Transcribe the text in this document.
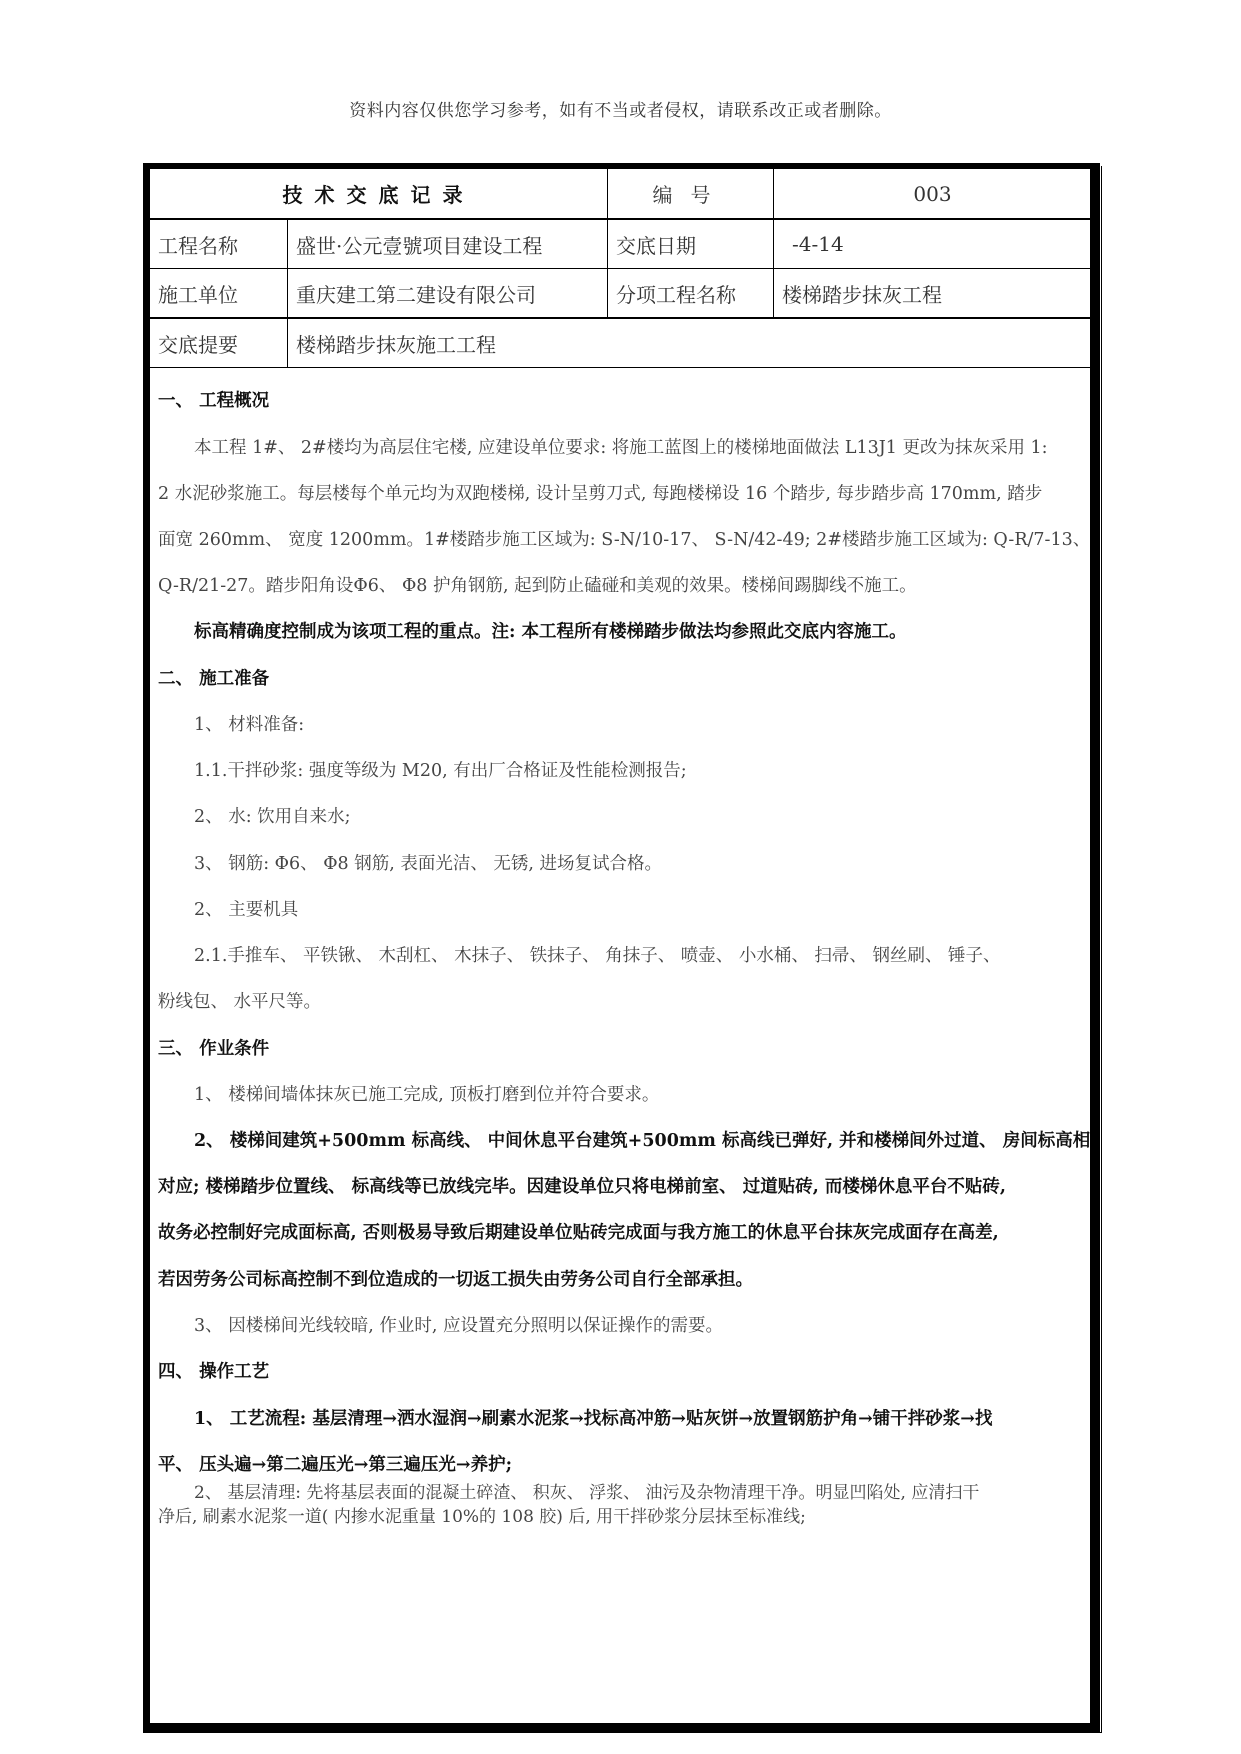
资料内容仅供您学习参考，如有不当或者侵权，请联系改正或者删除。
技术交底记录		编号	003
工程名称	盛世·公元壹號项目建设工程	交底日期	-4-14
施工单位	重庆建工第二建设有限公司	分项工程名称	楼梯踏步抹灰工程
交底提要	楼梯踏步抹灰施工工程		
一、 工程概况
本工程 1#、 2#楼均为高层住宅楼, 应建设单位要求: 将施工蓝图上的楼梯地面做法 L13J1 更改为抹灰采用 1:
2 水泥砂浆施工。每层楼每个单元均为双跑楼梯, 设计呈剪刀式, 每跑楼梯设 16 个踏步, 每步踏步高 170mm, 踏步
面宽 260mm、 宽度 1200mm。1#楼踏步施工区域为: S-N/10-17、 S-N/42-49; 2#楼踏步施工区域为: Q-R/7-13、
Q-R/21-27。踏步阳角设Φ6、 Φ8 护角钢筋, 起到防止磕碰和美观的效果。楼梯间踢脚线不施工。
标高精确度控制成为该项工程的重点。注: 本工程所有楼梯踏步做法均参照此交底内容施工。
二、 施工准备
1、 材料准备:
1.1.干拌砂浆: 强度等级为 M20, 有出厂合格证及性能检测报告;
2、 水: 饮用自来水;
3、 钢筋: Φ6、 Φ8 钢筋, 表面光洁、 无锈, 进场复试合格。
2、 主要机具
2.1.手推车、 平铁锹、 木刮杠、 木抹子、 铁抹子、 角抹子、 喷壶、 小水桶、 扫帚、 钢丝刷、 锤子、
粉线包、 水平尺等。
三、 作业条件
1、 楼梯间墙体抹灰已施工完成, 顶板打磨到位并符合要求。
2、 楼梯间建筑+500mm 标高线、 中间休息平台建筑+500mm 标高线已弹好, 并和楼梯间外过道、 房间标高相
对应; 楼梯踏步位置线、 标高线等已放线完毕。因建设单位只将电梯前室、 过道贴砖, 而楼梯休息平台不贴砖,
故务必控制好完成面标高, 否则极易导致后期建设单位贴砖完成面与我方施工的休息平台抹灰完成面存在高差,
若因劳务公司标高控制不到位造成的一切返工损失由劳务公司自行全部承担。
3、 因楼梯间光线较暗, 作业时, 应设置充分照明以保证操作的需要。
四、 操作工艺
1、 工艺流程: 基层清理→洒水湿润→刷素水泥浆→找标高冲筋→贴灰饼→放置钢筋护角→铺干拌砂浆→找
平、 压头遍→第二遍压光→第三遍压光→养护;
2、 基层清理: 先将基层表面的混凝土碎渣、 积灰、 浮浆、 油污及杂物清理干净。明显凹陷处, 应清扫干
净后, 刷素水泥浆一道( 内掺水泥重量 10%的 108 胶) 后, 用干拌砂浆分层抹至标准线;
